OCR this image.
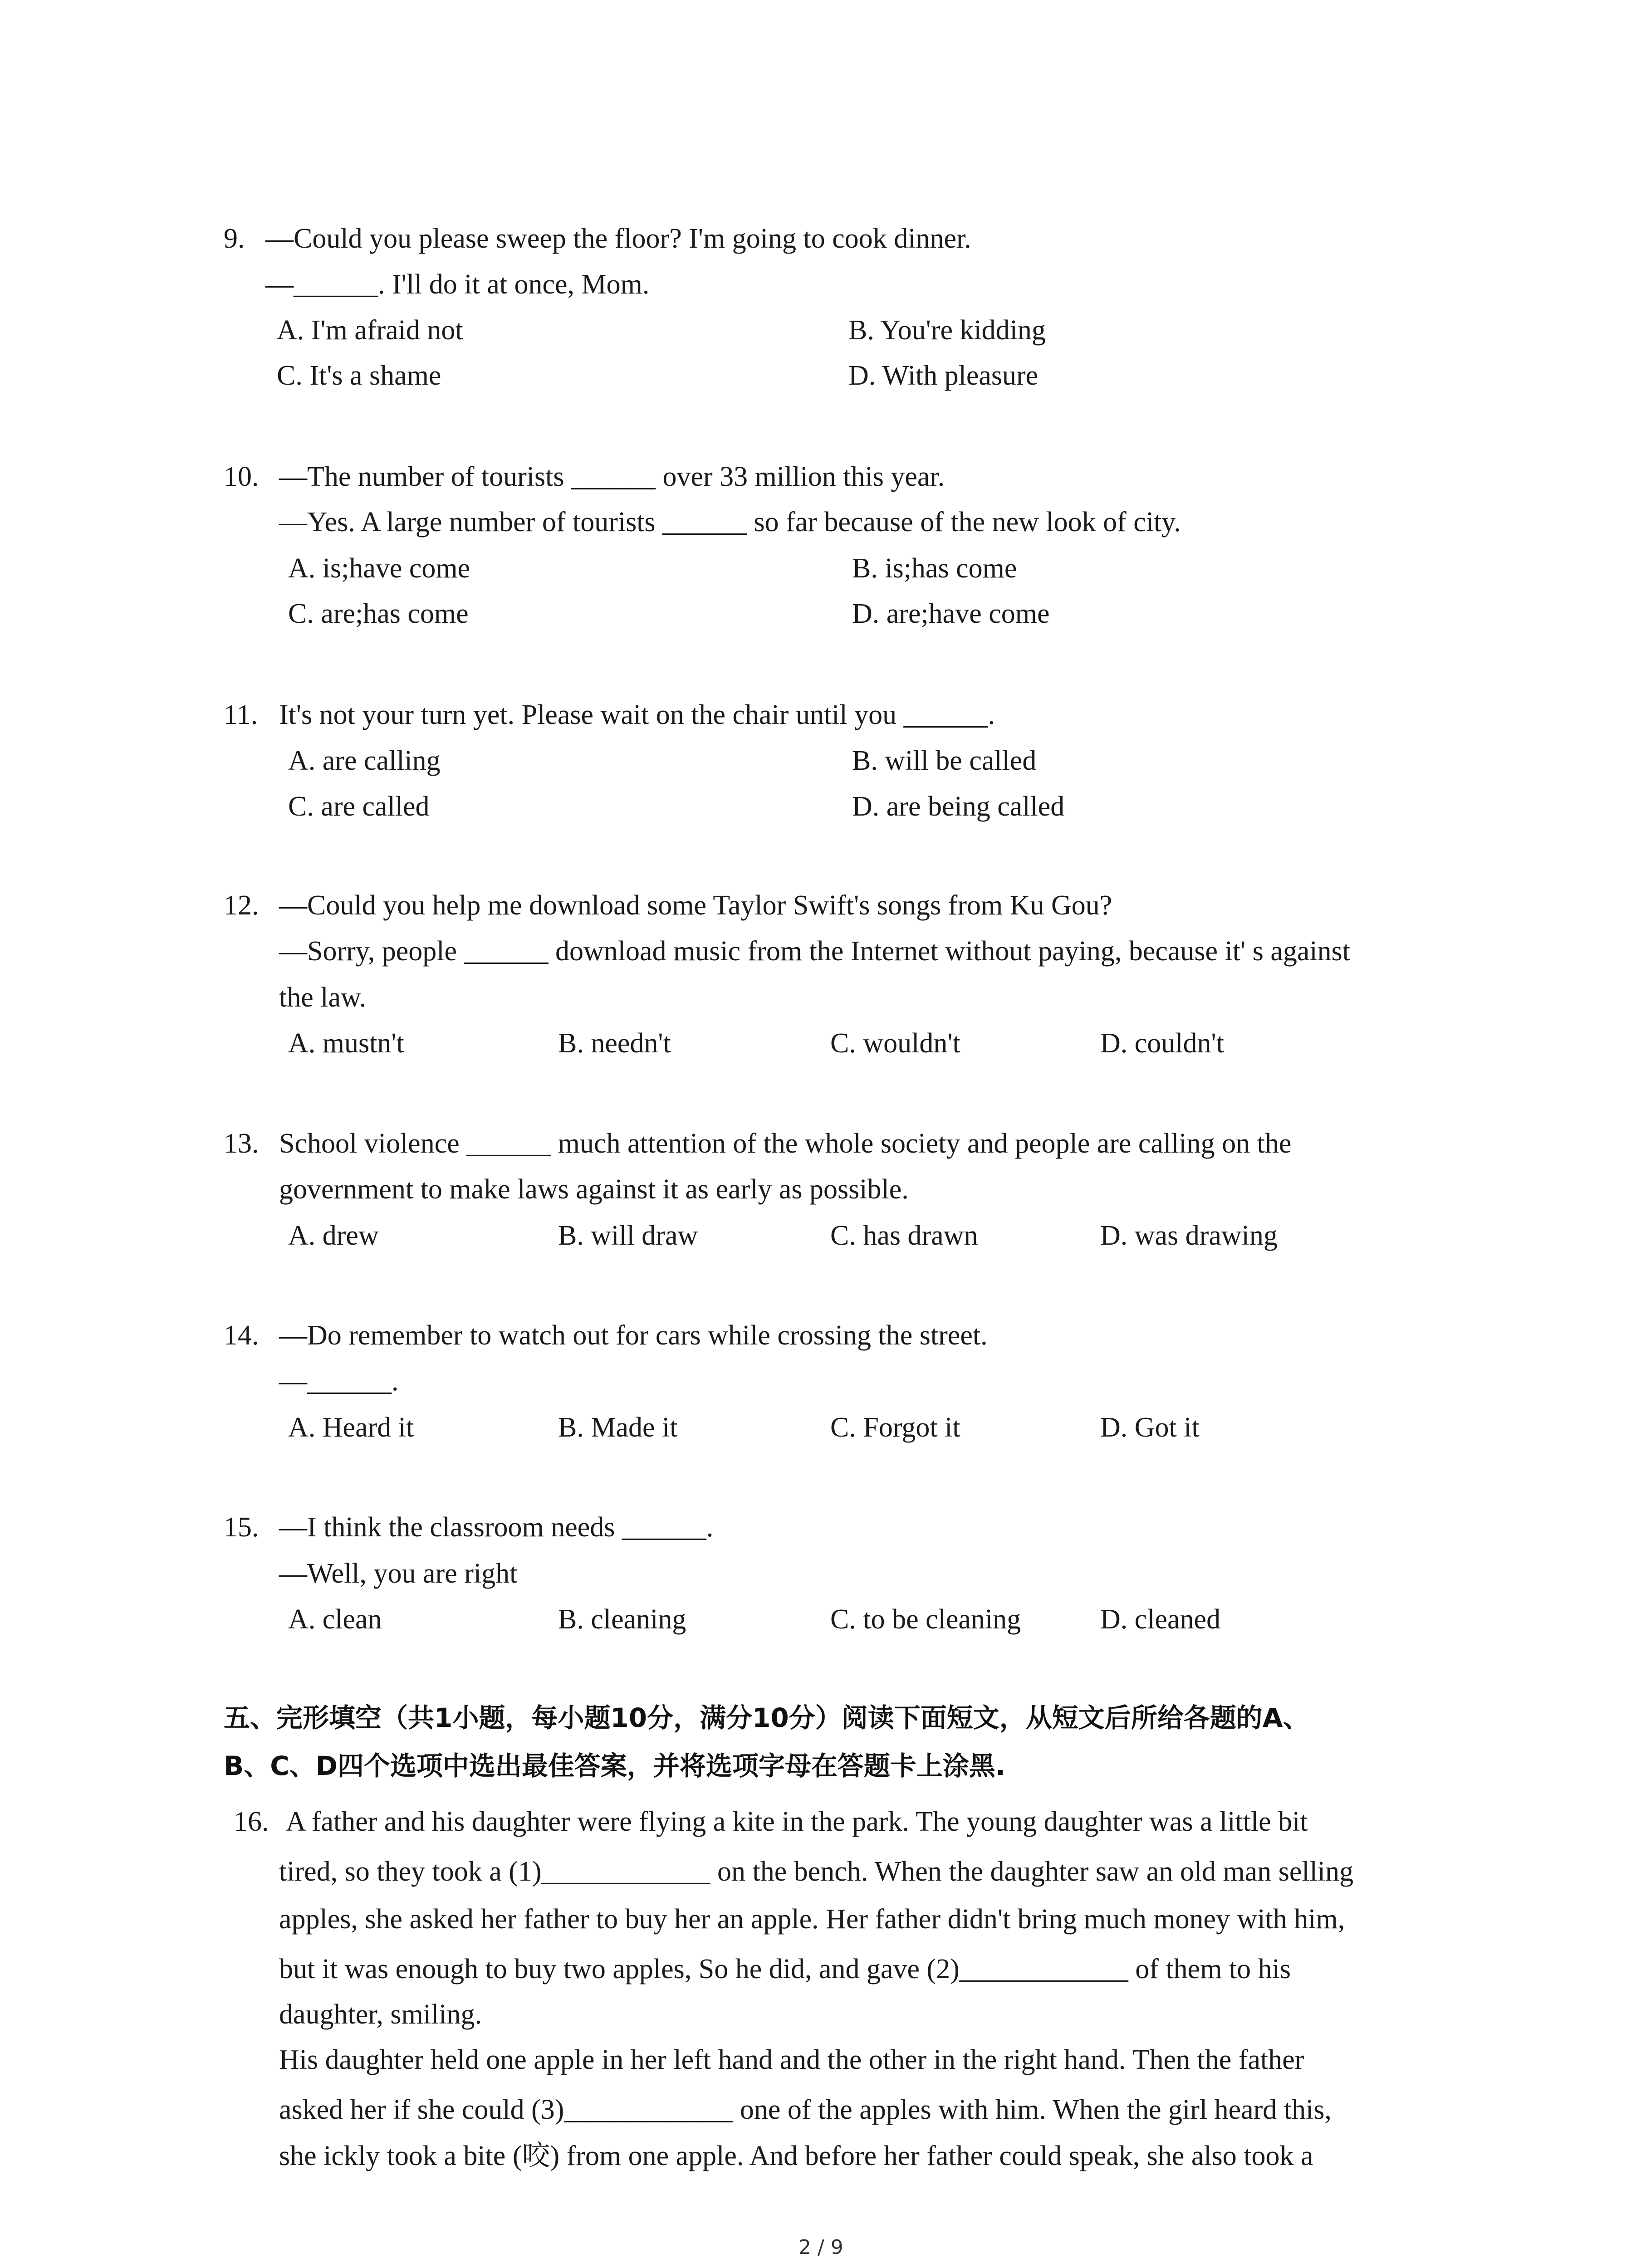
9. —Could you please sweep the floor? I'm going to cook dinner.
—______. I'll do it at once, Mom.
A. I'm afraid not	B. You're kidding
C. It's a shame	D. With pleasure
10. —The number of tourists ______ over 33 million this year.
—Yes. A large number of tourists ______ so far because of the new look of city.
A. is;have come	B. is;has come
C. are;has come	D. are;have come
11. It's not your turn yet. Please wait on the chair until you ______.
A. are calling	B. will be called
C. are called	D. are being called
12. —Could you help me download some Taylor Swift's songs from Ku Gou?
—Sorry, people ______ download music from the Internet without paying, because it' s against
the law.
A. mustn't	B. needn't	C. wouldn't	D. couldn't
13. School violence ______ much attention of the whole society and people are calling on the
government to make laws against it as early as possible.
A. drew	B. will draw	C. has drawn	D. was drawing
14. —Do remember to watch out for cars while crossing the street.
—______.
A. Heard it	B. Made it	C. Forgot it	D. Got it
15. —I think the classroom needs ______.
—Well, you are right
A. clean	B. cleaning	C. to be cleaning	D. cleaned
五、完形填空（共1小题，每小题10分，满分10分）阅读下面短文，从短文后所给各题的A、
B、C、D四个选项中选出最佳答案，并将选项字母在答题卡上涂黑.
16. A father and his daughter were flying a kite in the park. The young daughter was a little bit
tired, so they took a (1)____________ on the bench. When the daughter saw an old man selling
apples, she asked her father to buy her an apple. Her father didn't bring much money with him,
but it was enough to buy two apples, So he did, and gave (2)____________ of them to his
daughter, smiling.
His daughter held one apple in her left hand and the other in the right hand. Then the father
asked her if she could (3)____________ one of the apples with him. When the girl heard this,
she ickly took a bite (咬) from one apple. And before her father could speak, she also took a
2 / 9
